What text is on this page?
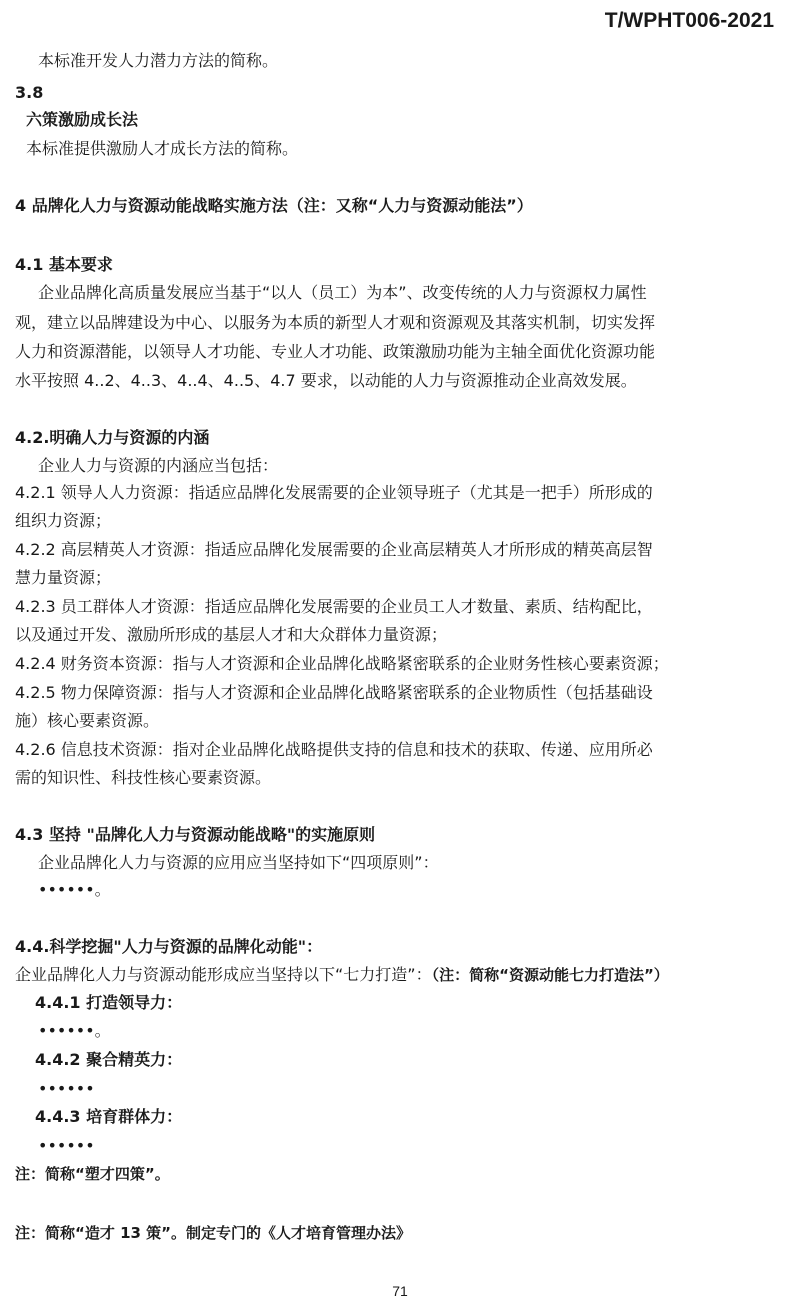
T/WPHT006-2021
本标准开发人力潜力方法的简称。
3.8
六策激励成长法
本标准提供激励人才成长方法的简称。
4 品牌化人力与资源动能战略实施方法（注：又称“人力与资源动能法”）
4.1 基本要求
企业品牌化高质量发展应当基于“以人（员工）为本”、改变传统的人力与资源权力属性
观，建立以品牌建设为中心、以服务为本质的新型人才观和资源观及其落实机制，切实发挥
人力和资源潜能，以领导人才功能、专业人才功能、政策激励功能为主轴全面优化资源功能
水平按照 4..2、4..3、4..4、4..5、4.7 要求，以动能的人力与资源推动企业高效发展。
4.2.明确人力与资源的内涵
企业人力与资源的内涵应当包括：
4.2.1 领导人人力资源：指适应品牌化发展需要的企业领导班子（尤其是一把手）所形成的
组织力资源；
4.2.2 高层精英人才资源：指适应品牌化发展需要的企业高层精英人才所形成的精英高层智
慧力量资源；
4.2.3 员工群体人才资源：指适应品牌化发展需要的企业员工人才数量、素质、结构配比，
以及通过开发、激励所形成的基层人才和大众群体力量资源；
4.2.4 财务资本资源：指与人才资源和企业品牌化战略紧密联系的企业财务性核心要素资源；
4.2.5 物力保障资源：指与人才资源和企业品牌化战略紧密联系的企业物质性（包括基础设
施）核心要素资源。
4.2.6 信息技术资源：指对企业品牌化战略提供支持的信息和技术的获取、传递、应用所必
需的知识性、科技性核心要素资源。
4.3 坚持 "品牌化人力与资源动能战略"的实施原则
企业品牌化人力与资源的应用应当坚持如下“四项原则”：
••••••。
4.4.科学挖掘"人力与资源的品牌化动能"：
企业品牌化人力与资源动能形成应当坚持以下“七力打造”：（注：简称“资源动能七力打造法”）
4.4.1 打造领导力：
••••••。
4.4.2 聚合精英力：
••••••
4.4.3 培育群体力：
••••••
注：简称“塑才四策”。
注：简称“造才 13 策”。制定专门的《人才培育管理办法》
71
